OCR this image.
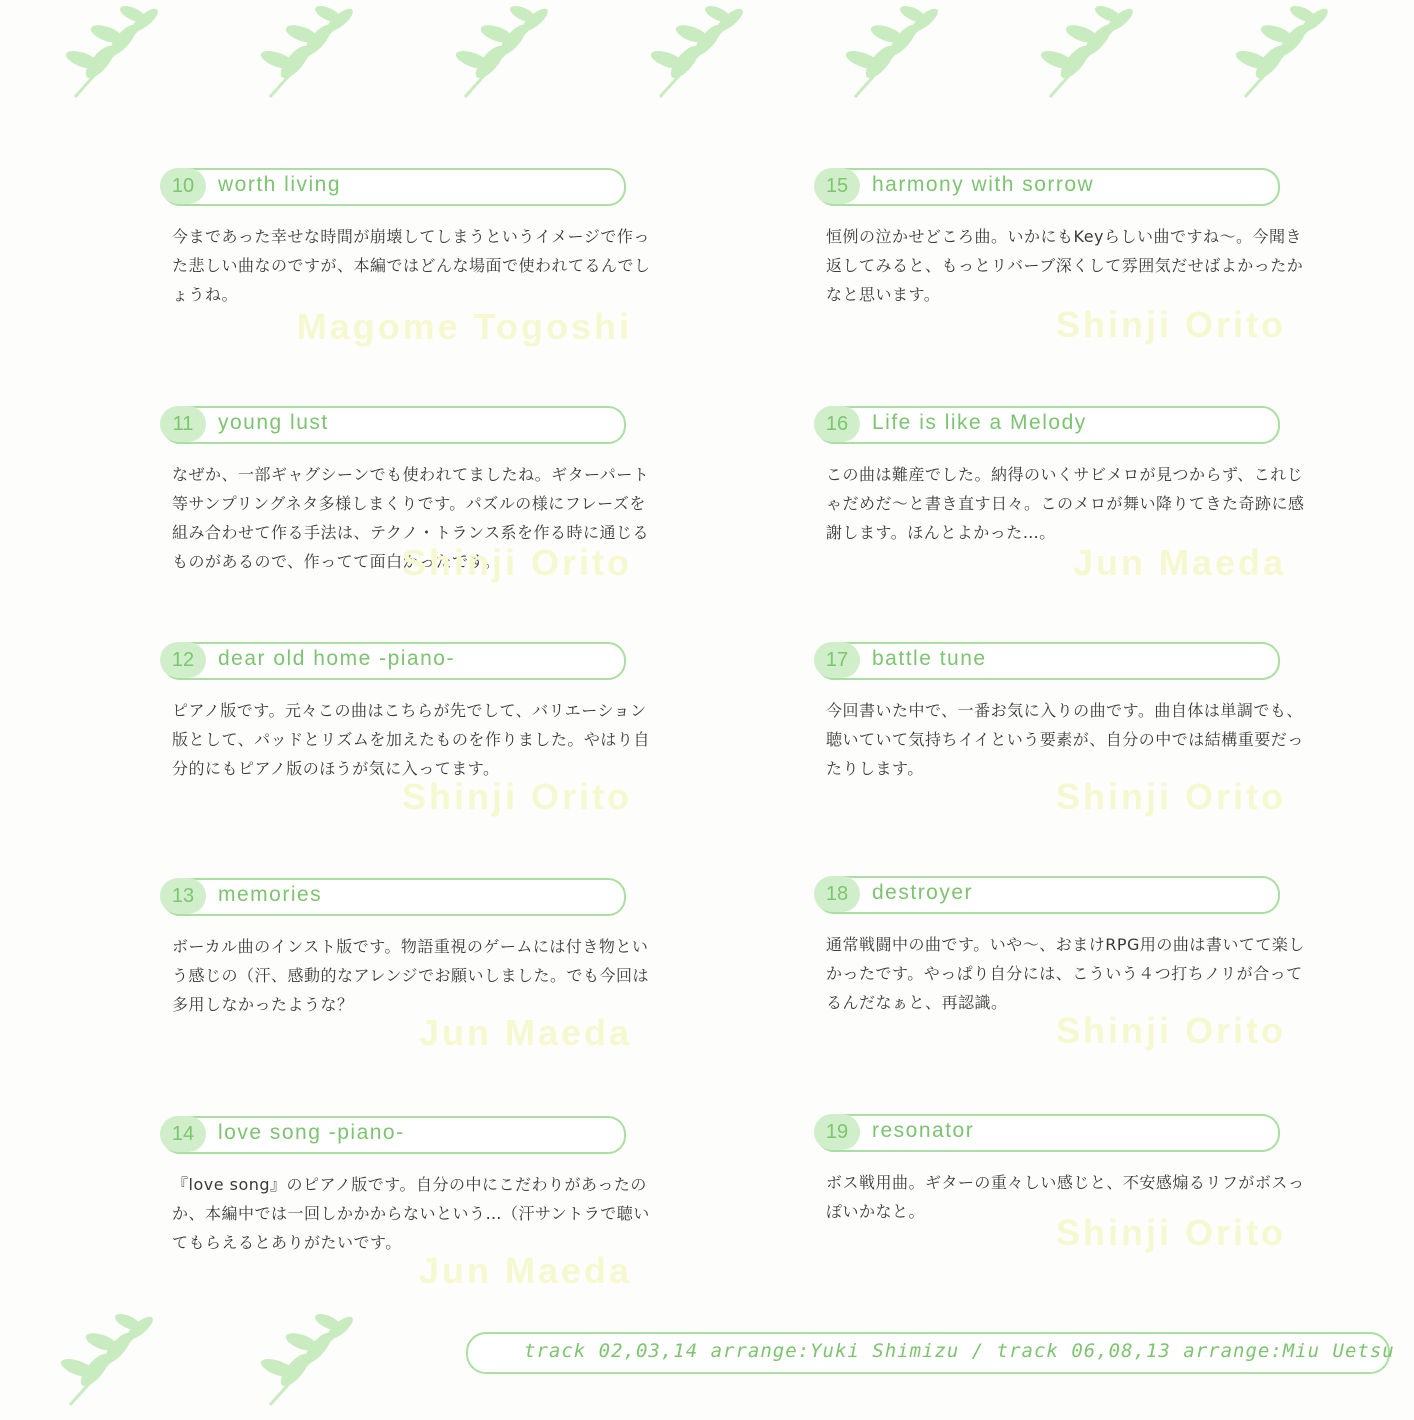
10	worth living
今まであった幸せな時間が崩壊してしまうというイメージで作った悲しい曲なのですが、本編ではどんな場面で使われてるんでしょうね。
Magome Togoshi
11	young lust
なぜか、一部ギャグシーンでも使われてましたね。ギターパート等サンプリングネタ多様しまくりです。パズルの様にフレーズを組み合わせて作る手法は、テクノ・トランス系を作る時に通じるものがあるので、作ってて面白かったです。
Shinji Orito
12	dear old home -piano-
ピアノ版です。元々この曲はこちらが先でして、バリエーション版として、パッドとリズムを加えたものを作りました。やはり自分的にもピアノ版のほうが気に入ってます。
Shinji Orito
13	memories
ボーカル曲のインスト版です。物語重視のゲームには付き物という感じの（汗、感動的なアレンジでお願いしました。でも今回は多用しなかったような？
Jun Maeda
14	love song -piano-
『love song』のピアノ版です。自分の中にこだわりがあったのか、本編中では一回しかかからないという…（汗サントラで聴いてもらえるとありがたいです。
Jun Maeda
15	harmony with sorrow
恒例の泣かせどころ曲。いかにもKeyらしい曲ですね〜。今聞き返してみると、もっとリバーブ深くして雰囲気だせばよかったかなと思います。
Shinji Orito
16	Life is like a Melody
この曲は難産でした。納得のいくサビメロが見つからず、これじゃだめだ〜と書き直す日々。このメロが舞い降りてきた奇跡に感謝します。ほんとよかった…。
Jun Maeda
17	battle tune
今回書いた中で、一番お気に入りの曲です。曲自体は単調でも、聴いていて気持ちイイという要素が、自分の中では結構重要だったりします。
Shinji Orito
18	destroyer
通常戦闘中の曲です。いや〜、おまけRPG用の曲は書いてて楽しかったです。やっぱり自分には、こういう４つ打ちノリが合ってるんだなぁと、再認識。
Shinji Orito
19	resonator
ボス戦用曲。ギターの重々しい感じと、不安感煽るリフがボスっぽいかなと。
Shinji Orito
track 02,03,14 arrange:Yuki Shimizu / track 06,08,13 arrange:Miu Uetsu
